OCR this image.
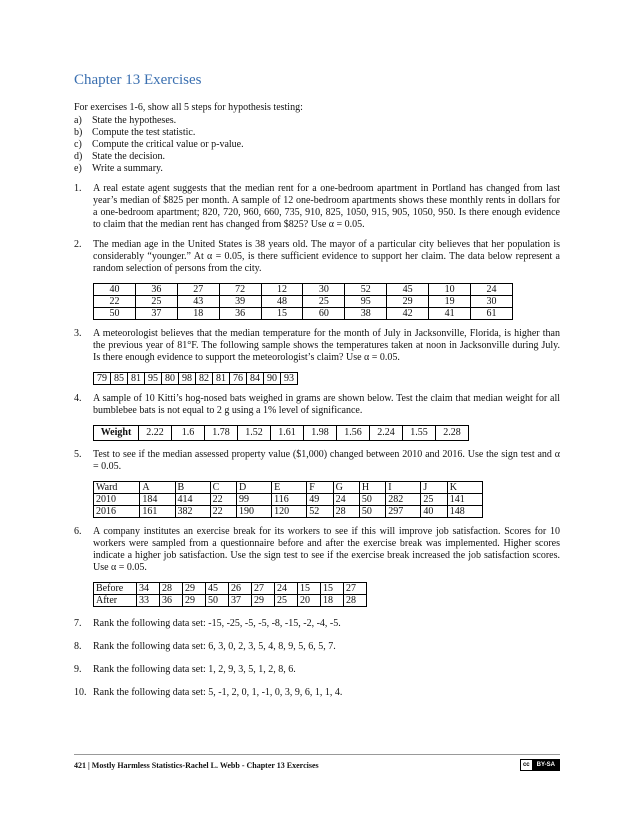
Chapter 13 Exercises
For exercises 1-6, show all 5 steps for hypothesis testing:
a)	State the hypotheses.
b) Compute the test statistic.
c)	Compute the critical value or p-value.
d) State the decision.
e)	Write a summary.
1.	A real estate agent suggests that the median rent for a one-bedroom apartment in Portland has changed from last year’s median of $825 per month. A sample of 12 one-bedroom apartments shows these monthly rents in dollars for a one-bedroom apartment; 820, 720, 960, 660, 735, 910, 825, 1050, 915, 905, 1050, 950. Is there enough evidence to claim that the median rent has changed from $825? Use α = 0.05.
2.	The median age in the United States is 38 years old. The mayor of a particular city believes that her population is considerably “younger.” At α = 0.05, is there sufficient evidence to support her claim. The data below represent a random selection of persons from the city.
40	36	27	72	12	30	52	45	10	24
22	25	43	39	48	25	95	29	19	30
50	37	18	36	15	60	38	42	41	61
3.	A meteorologist believes that the median temperature for the month of July in Jacksonville, Florida, is higher than the previous year of 81°F. The following sample shows the temperatures taken at noon in Jacksonville during July. Is there enough evidence to support the meteorologist’s claim? Use α = 0.05.
79	85	81	95	80	98	82	81	76	84	90	93
4.	A sample of 10 Kitti’s hog-nosed bats weighed in grams are shown below. Test the claim that median weight for all bumblebee bats is not equal to 2 g using a 1% level of significance.
Weight	2.22	1.6	1.78	1.52	1.61	1.98	1.56	2.24	1.55	2.28
5.	Test to see if the median assessed property value ($1,000) changed between 2010 and 2016. Use the sign test and α = 0.05.
Ward	A	B	C	D	E	F	G	H	I	J	K
2010	184	414	22	99	116	49	24	50	282	25	141
2016	161	382	22	190	120	52	28	50	297	40	148
6.	A company institutes an exercise break for its workers to see if this will improve job satisfaction. Scores for 10 workers were sampled from a questionnaire before and after the exercise break was implemented. Higher scores indicate a higher job satisfaction. Use the sign test to see if the exercise break increased the job satisfaction scores. Use α = 0.05.
Before	34	28	29	45	26	27	24	15	15	27
After	33	36	29	50	37	29	25	20	18	28
7.	Rank the following data set: -15, -25, -5, -5, -8, -15, -2, -4, -5.
8.	Rank the following data set: 6, 3, 0, 2, 3, 5, 4, 8, 9, 5, 6, 5, 7.
9.	Rank the following data set: 1, 2, 9, 3, 5, 1, 2, 8, 6.
10. Rank the following data set: 5, -1, 2, 0, 1, -1, 0, 3, 9, 6, 1, 1, 4.
421 | Mostly Harmless Statistics-Rachel L. Webb - Chapter 13 Exercises	cc	BY-SA
